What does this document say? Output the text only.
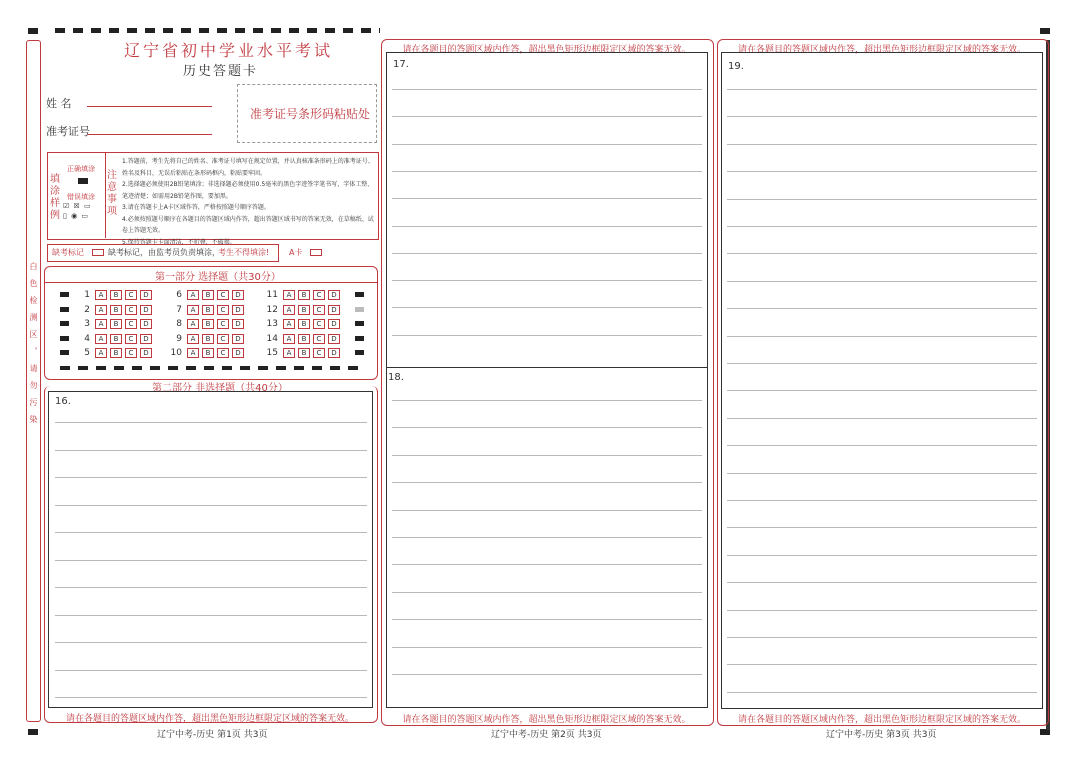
白色检测区，请勿污染
辽宁省初中学业水平考试
历史答题卡
姓 名
准考证号
准考证号条形码粘贴处
填涂样例
正确填涂
错误填涂
☑ ☒ ▭
▯ ◉ ▭
注意事项
1.答题前，考生先将自己的姓名、准考证号填写在规定位置，并认真核准条形码上的准考证号、姓名及科目，无误后粘贴在条形码框内，粘贴要牢固。
2.选择题必须使用2B铅笔填涂；非选择题必须使用0.5毫米的黑色字迹签字笔书写，字体工整、笔迹清楚；如需用2B铅笔作图，要加黑。
3.请在答题卡上A卡区域作答，严格按照题号顺序答题。
4.必须按照题号顺序在各题目的答题区域内作答，超出答题区域书写的答案无效，在草稿纸、试卷上答题无效。
5.保持答题卡卡面清洁，不折叠，不破损。
缺考标记	缺考标记，由监考员负责填涂，
考生不得填涂! A卡
第一部分 选择题（共30分）
1 A B C D
2 A B C D
3 A B C D
4 A B C D
5 A B C D
6 A B C D
7 A B C D
8 A B C D
9 A B C D
10 A B C D
11 A B C D
12 A B C D
13 A B C D
14 A B C D
15 A B C D
第二部分 非选择题（共40分）
16.
请在各题目的答题区域内作答，超出黑色矩形边框限定区域的答案无效。
辽宁中考-历史 第1页 共3页
请在各题目的答题区域内作答，超出黑色矩形边框限定区域的答案无效。
17.
18.
请在各题目的答题区域内作答，超出黑色矩形边框限定区域的答案无效。
辽宁中考-历史 第2页 共3页
请在各题目的答题区域内作答，超出黑色矩形边框限定区域的答案无效。
19.
请在各题目的答题区域内作答，超出黑色矩形边框限定区域的答案无效。
辽宁中考-历史 第3页 共3页
